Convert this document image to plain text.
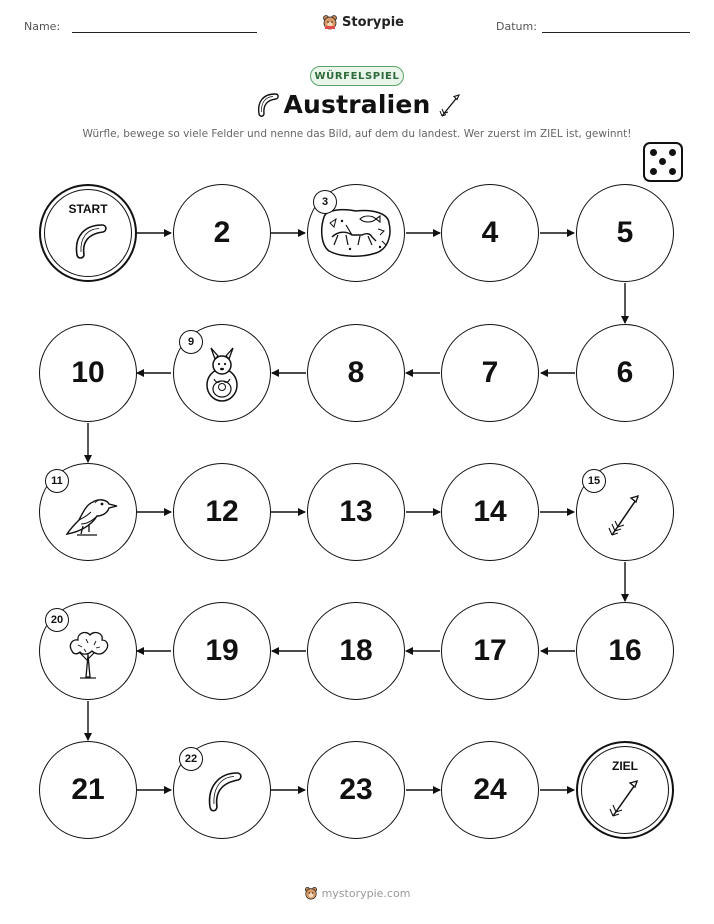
Name:	Storypie	Datum:
WÜRFELSPIEL
Australien
Würfle, bewege so viele Felder und nenne das Bild, auf dem du landest. Wer zuerst im ZIEL ist, gewinnt!
START
2
3
4	5
10
9
8	7	6
11
12	13	14
15
20
19	18	17	16
21
22
23	24
ZIEL
mystorypie.com
